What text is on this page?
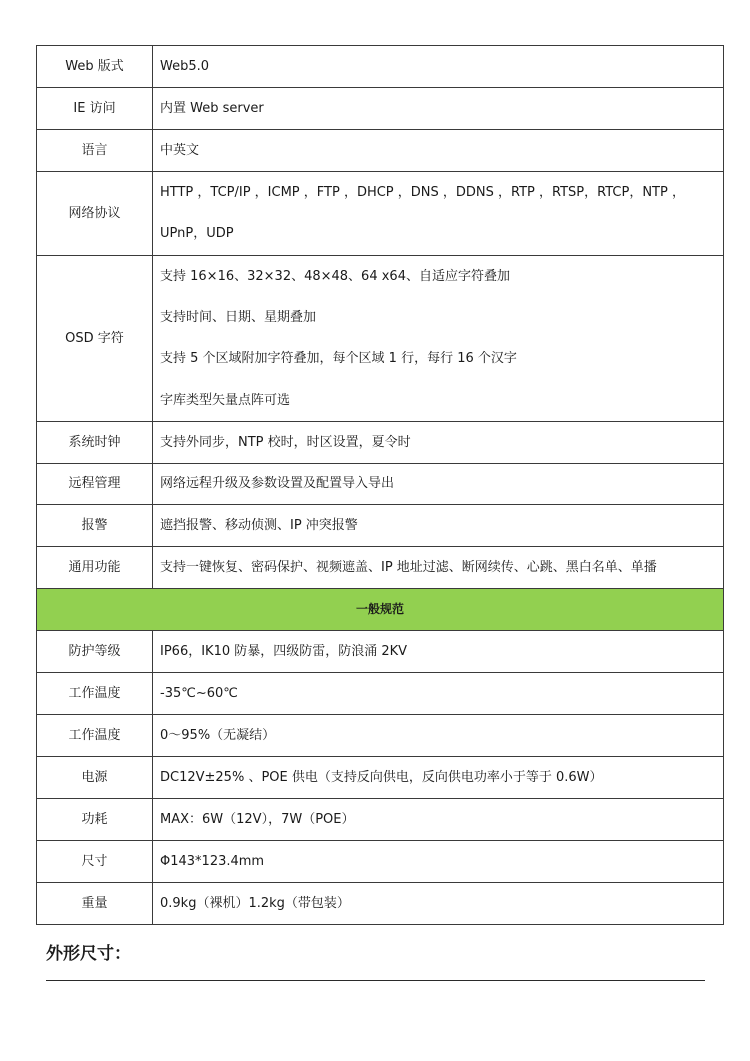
Web 版式	Web5.0
IE 访问	内置 Web server
语言	中英文
网络协议	HTTP ，TCP/IP ，ICMP ，FTP ，DHCP ，DNS ，DDNS ，RTP ，RTSP，RTCP，NTP ，
UPnP，UDP

OSD 字符	支持 16×16、32×32、48×48、64 x64、自适应字符叠加
支持时间、日期、星期叠加
支持 5 个区域附加字符叠加，每个区域 1 行，每行 16 个汉字
字库类型矢量点阵可选

系统时钟	支持外同步，NTP 校时，时区设置，夏令时
远程管理	网络远程升级及参数设置及配置导入导出
报警	遮挡报警、移动侦测、IP 冲突报警
通用功能	支持一键恢复、密码保护、视频遮盖、IP 地址过滤、断网续传、心跳、黑白名单、单播
一般规范	
防护等级	IP66，IK10 防暴，四级防雷，防浪涌 2KV
工作温度	-35℃~60℃
工作温度	0～95%（无凝结）
电源	DC12V±25% 、POE 供电（支持反向供电，反向供电功率小于等于 0.6W）
功耗	MAX：6W（12V），7W（POE）
尺寸	Φ143*123.4mm
重量	0.9kg（裸机）1.2kg（带包装）
外形尺寸：
